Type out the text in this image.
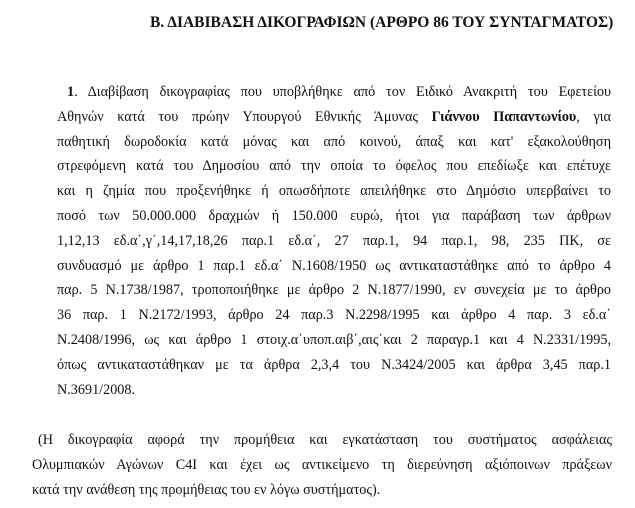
Β. ΔΙΑΒΙΒΑΣΗ ΔΙΚΟΓΡΑΦΙΩΝ (ΑΡΘΡΟ 86 ΤΟΥ ΣΥΝΤΑΓΜΑΤΟΣ)
1. Διαβίβαση δικογραφίας που υποβλήθηκε από τον Ειδικό Ανακριτή του Εφετείου
Αθηνών κατά του πρώην Υπουργού Εθνικής Άμυνας Γιάννου Παπαντωνίου, για
παθητική δωροδοκία κατά μόνας και από κοινού, άπαξ και κατ' εξακολούθηση
στρεφόμενη κατά του Δημοσίου από την οποία το όφελος που επεδίωξε και επέτυχε
και η ζημία που προξενήθηκε ή οπωσδήποτε απειλήθηκε στο Δημόσιο υπερβαίνει το
ποσό των 50.000.000 δραχμών ή 150.000 ευρώ, ήτοι για παράβαση των άρθρων
1,12,13 εδ.α΄,γ΄,14,17,18,26 παρ.1 εδ.α΄, 27 παρ.1, 94 παρ.1, 98, 235 ΠΚ, σε
συνδυασμό με άρθρο 1 παρ.1 εδ.α΄ Ν.1608/1950 ως αντικαταστάθηκε από το άρθρο 4
παρ. 5 Ν.1738/1987, τροποποιήθηκε με άρθρο 2 Ν.1877/1990, εν συνεχεία με το άρθρο
36 παρ. 1 Ν.2172/1993, άρθρο 24 παρ.3 Ν.2298/1995 και άρθρο 4 παρ. 3 εδ.α΄
Ν.2408/1996, ως και άρθρο 1 στοιχ.α΄υποπ.αιβ΄,αις΄και 2 παραγρ.1 και 4 Ν.2331/1995,
όπως αντικαταστάθηκαν με τα άρθρα 2,3,4 του Ν.3424/2005 και άρθρα 3,45 παρ.1
Ν.3691/2008.
(Η δικογραφία αφορά την προμήθεια και εγκατάσταση του συστήματος ασφάλειας
Ολυμπιακών Αγώνων C4I και έχει ως αντικείμενο τη διερεύνηση αξιόποινων πράξεων
κατά την ανάθεση της προμήθειας του εν λόγω συστήματος).
